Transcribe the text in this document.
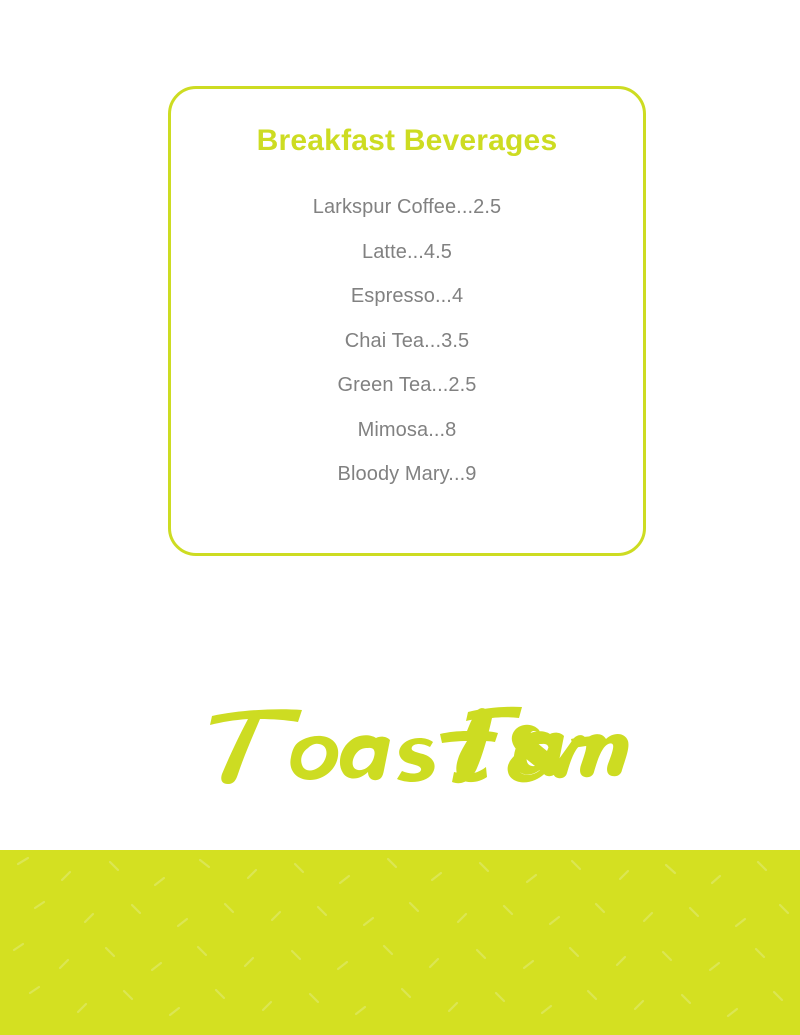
Breakfast Beverages
Larkspur Coffee...2.5
Latte...4.5
Espresso...4
Chai Tea...3.5
Green Tea...2.5
Mimosa...8
Bloody Mary...9
